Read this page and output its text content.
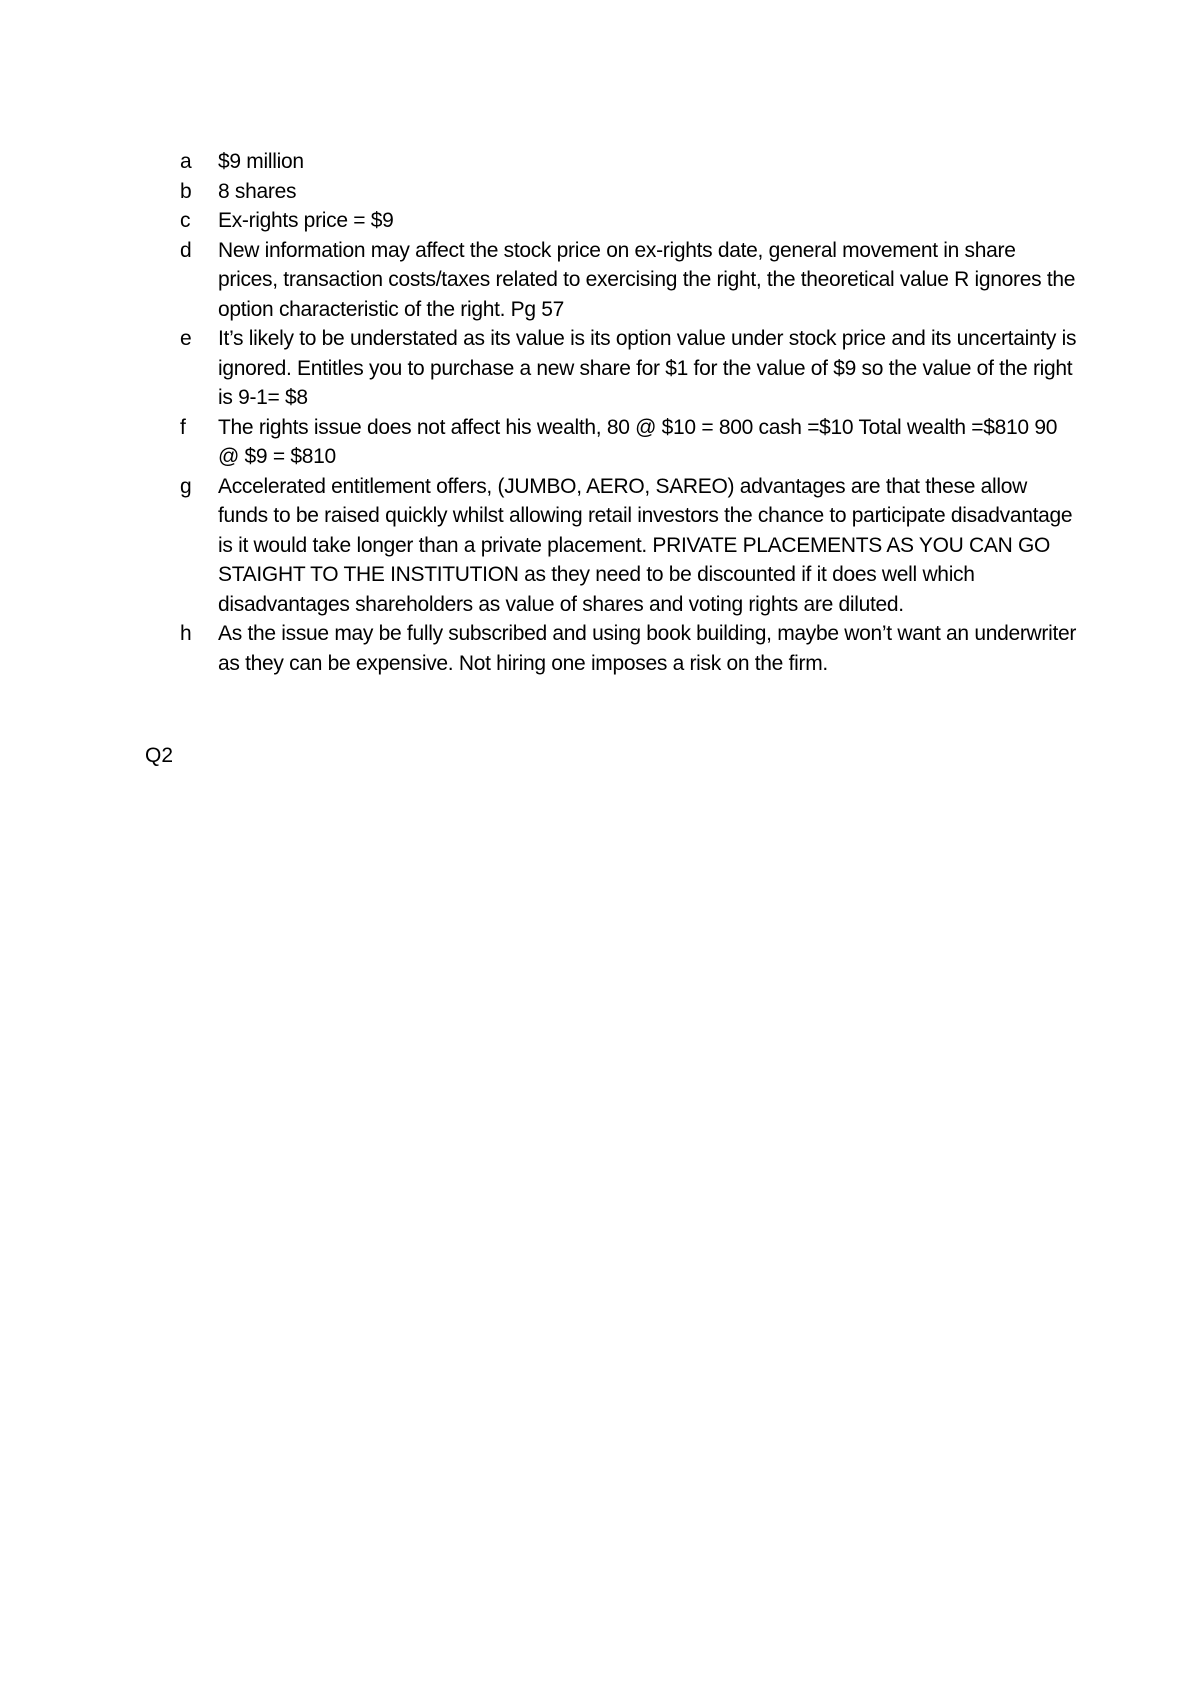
a	$9 million
b	8 shares
c	Ex-rights price = $9
d	New information may affect the stock price on ex-rights date, general movement in share prices, transaction costs/taxes related to exercising the right, the theoretical value R ignores the option characteristic of the right. Pg 57
e	It’s likely to be understated as its value is its option value under stock price and its uncertainty is ignored. Entitles you to purchase a new share for $1 for the value of $9 so the value of the right is 9-1= $8
f	The rights issue does not affect his wealth, 80 @ $10 = 800 cash =$10 Total wealth =$810 90 @ $9 = $810
g	Accelerated entitlement offers, (JUMBO, AERO, SAREO) advantages are that these allow funds to be raised quickly whilst allowing retail investors the chance to participate disadvantage is it would take longer than a private placement. PRIVATE PLACEMENTS AS YOU CAN GO STAIGHT TO THE INSTITUTION as they need to be discounted if it does well which disadvantages shareholders as value of shares and voting rights are diluted.
h	As the issue may be fully subscribed and using book building, maybe won’t want an underwriter as they can be expensive. Not hiring one imposes a risk on the firm.
Q2
